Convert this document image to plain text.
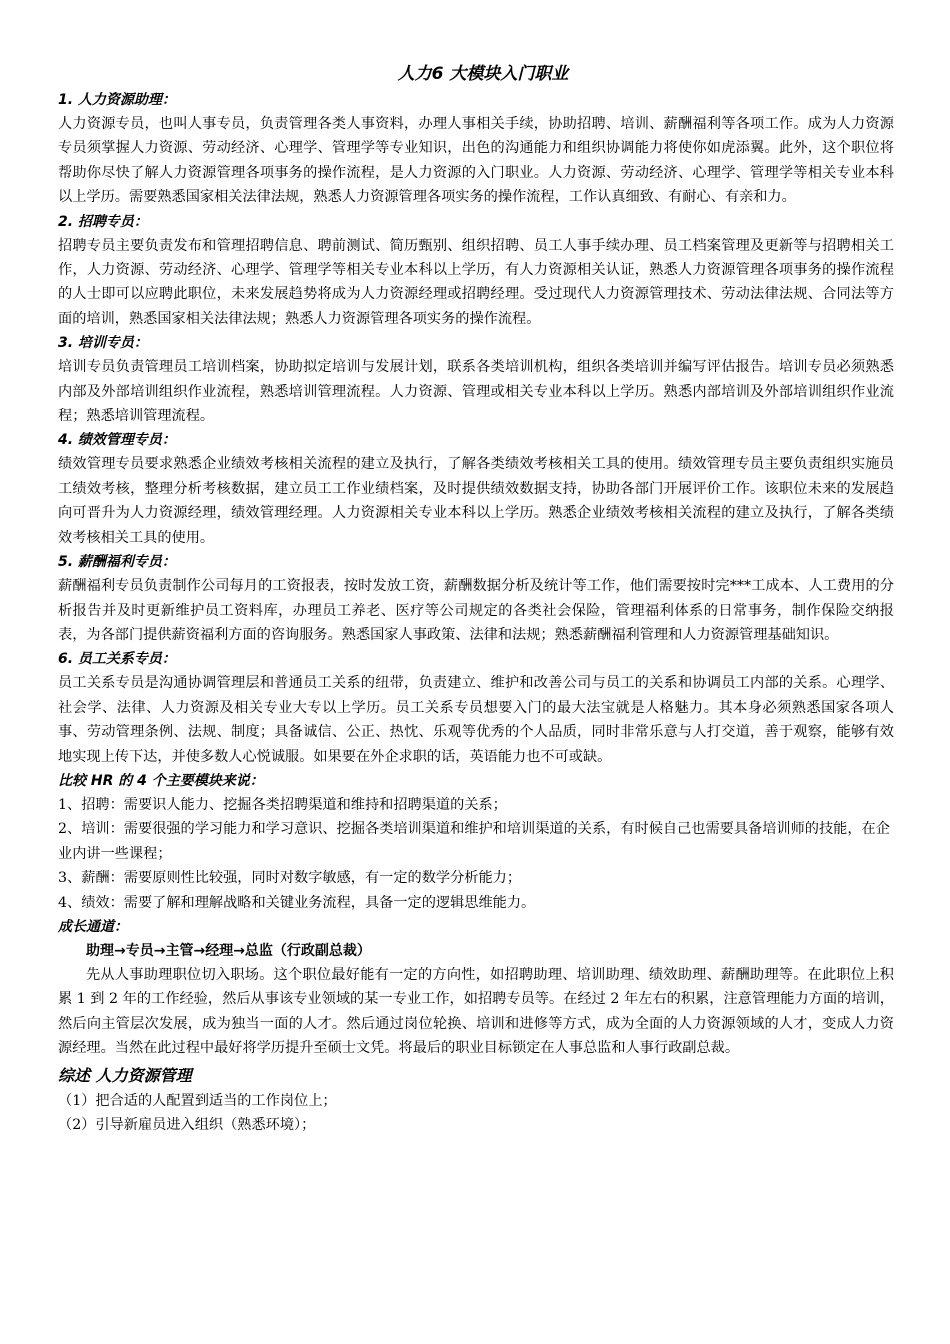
人力6 大模块入门职业
1. 人力资源助理：

人力资源专员，也叫人事专员，负责管理各类人事资料，办理人事相关手续，协助招聘、培训、薪酬福利等各项工作。成为人力资源专员须掌握人力资源、劳动经济、心理学、管理学等专业知识，出色的沟通能力和组织协调能力将使你如虎添翼。此外，这个职位将帮助你尽快了解人力资源管理各项事务的操作流程，是人力资源的入门职业。人力资源、劳动经济、心理学、管理学等相关专业本科以上学历。需要熟悉国家相关法律法规，熟悉人力资源管理各项实务的操作流程，工作认真细致、有耐心、有亲和力。

2. 招聘专员：

招聘专员主要负责发布和管理招聘信息、聘前测试、简历甄别、组织招聘、员工人事手续办理、员工档案管理及更新等与招聘相关工作，人力资源、劳动经济、心理学、管理学等相关专业本科以上学历，有人力资源相关认证，熟悉人力资源管理各项事务的操作流程的人士即可以应聘此职位，未来发展趋势将成为人力资源经理或招聘经理。受过现代人力资源管理技术、劳动法律法规、合同法等方面的培训，熟悉国家相关法律法规；熟悉人力资源管理各项实务的操作流程。

3. 培训专员：

培训专员负责管理员工培训档案，协助拟定培训与发展计划，联系各类培训机构，组织各类培训并编写评估报告。培训专员必须熟悉内部及外部培训组织作业流程，熟悉培训管理流程。人力资源、管理或相关专业本科以上学历。熟悉内部培训及外部培训组织作业流程；熟悉培训管理流程。

4. 绩效管理专员：

绩效管理专员要求熟悉企业绩效考核相关流程的建立及执行，了解各类绩效考核相关工具的使用。绩效管理专员主要负责组织实施员工绩效考核，整理分析考核数据，建立员工工作业绩档案，及时提供绩效数据支持，协助各部门开展评价工作。该职位未来的发展趋向可晋升为人力资源经理，绩效管理经理。人力资源相关专业本科以上学历。熟悉企业绩效考核相关流程的建立及执行，了解各类绩效考核相关工具的使用。

5. 薪酬福利专员：

薪酬福利专员负责制作公司每月的工资报表，按时发放工资，薪酬数据分析及统计等工作，他们需要按时完***工成本、人工费用的分析报告并及时更新维护员工资料库，办理员工养老、医疗等公司规定的各类社会保险，管理福利体系的日常事务，制作保险交纳报表，为各部门提供薪资福利方面的咨询服务。熟悉国家人事政策、法律和法规；熟悉薪酬福利管理和人力资源管理基础知识。

6. 员工关系专员：

员工关系专员是沟通协调管理层和普通员工关系的纽带，负责建立、维护和改善公司与员工的关系和协调员工内部的关系。心理学、社会学、法律、人力资源及相关专业大专以上学历。员工关系专员想要入门的最大法宝就是人格魅力。其本身必须熟悉国家各项人事、劳动管理条例、法规、制度；具备诚信、公正、热忱、乐观等优秀的个人品质，同时非常乐意与人打交道，善于观察，能够有效地实现上传下达，并使多数人心悦诚服。如果要在外企求职的话，英语能力也不可或缺。

比较 HR 的 4 个主要模块来说：

1、招聘：需要识人能力、挖掘各类招聘渠道和维持和招聘渠道的关系；

2、培训：需要很强的学习能力和学习意识、挖掘各类培训渠道和维护和培训渠道的关系，有时候自己也需要具备培训师的技能，在企业内讲一些课程；

3、薪酬：需要原则性比较强，同时对数字敏感，有一定的数学分析能力；

4、绩效：需要了解和理解战略和关键业务流程，具备一定的逻辑思维能力。

成长通道：

助理→专员→主管→经理→总监（行政副总裁）

先从人事助理职位切入职场。这个职位最好能有一定的方向性，如招聘助理、培训助理、绩效助理、薪酬助理等。在此职位上积累 1 到 2 年的工作经验，然后从事该专业领域的某一专业工作，如招聘专员等。在经过 2 年左右的积累，注意管理能力方面的培训，然后向主管层次发展，成为独当一面的人才。然后通过岗位轮换、培训和进修等方式，成为全面的人力资源领域的人才，变成人力资源经理。当然在此过程中最好将学历提升至硕士文凭。将最后的职业目标锁定在人事总监和人事行政副总裁。

综述 人力资源管理

（1）把合适的人配置到适当的工作岗位上；

（2）引导新雇员进入组织（熟悉环境）；
